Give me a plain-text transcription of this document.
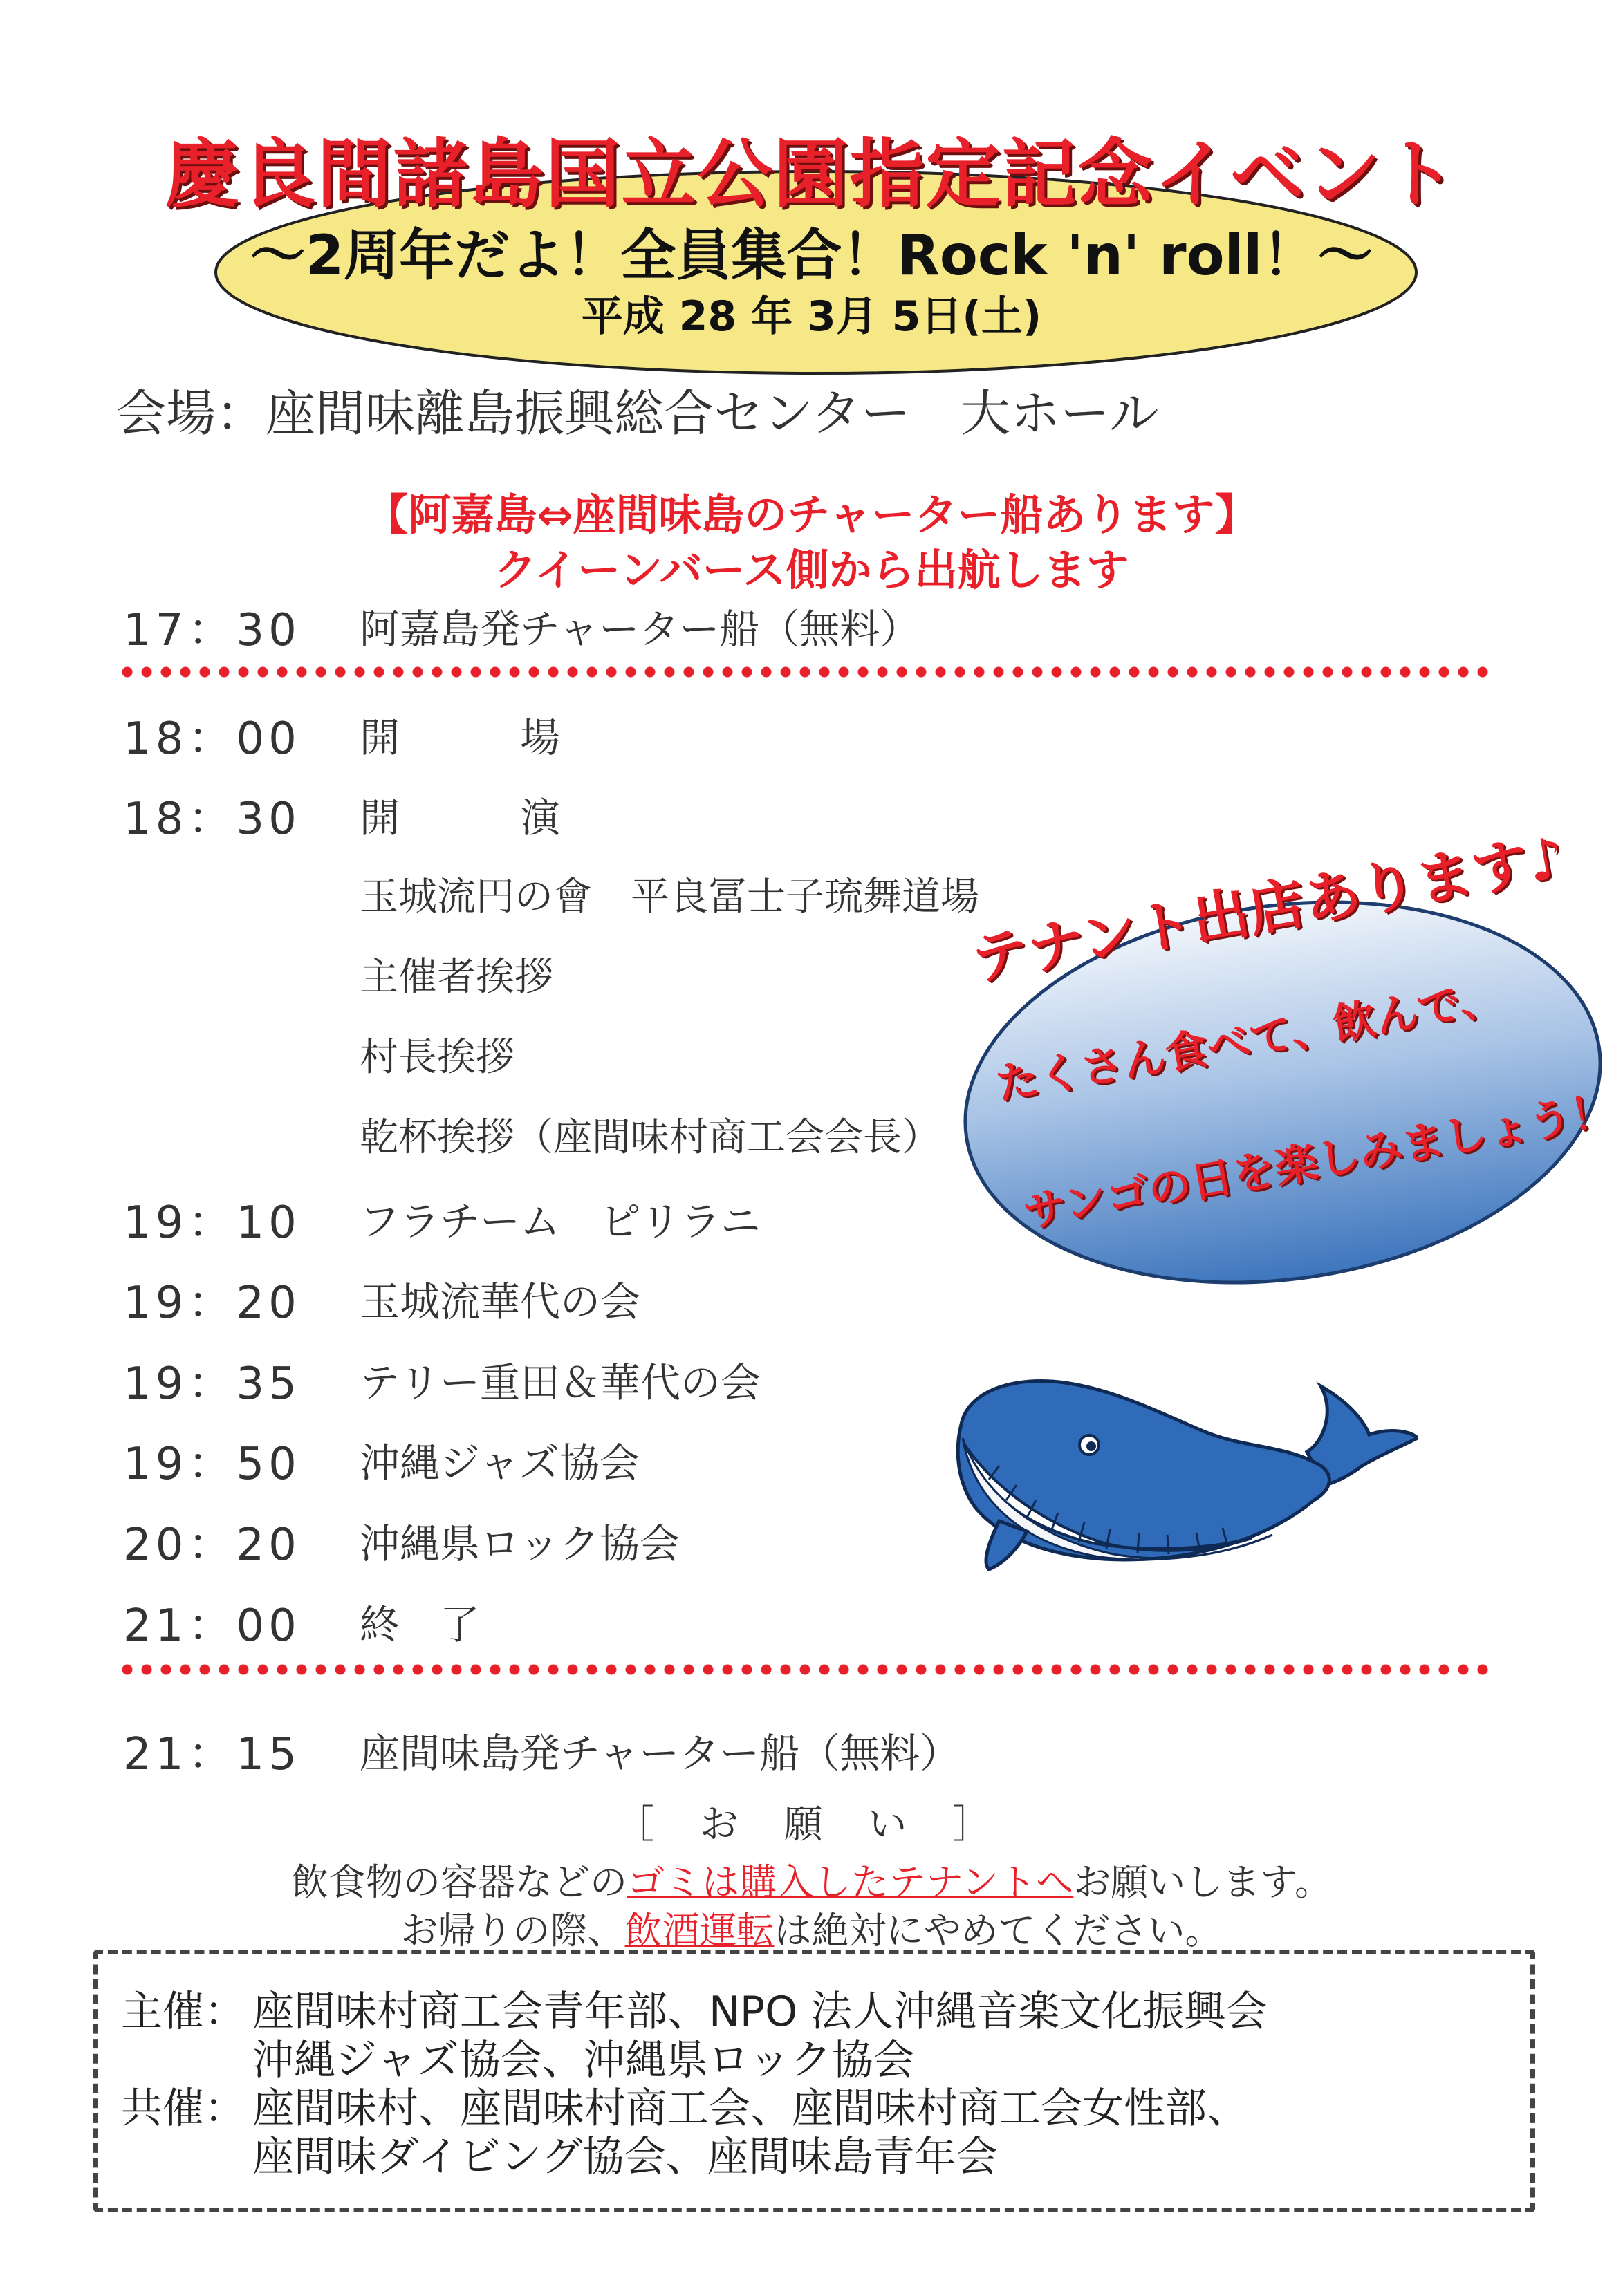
慶良間諸島国立公園指定記念イベント
～2周年だよ！全員集合！Rock 'n' roll！～
平成 28 年 3月 5日(土)
会場：座間味離島振興総合センター　大ホール
【阿嘉島⇔座間味島のチャーター船あります】
クイーンバース側から出航します
17：30 阿嘉島発チャーター船（無料）
18：00 開　　　場
18：30 開　　　演
玉城流円の會　平良冨士子琉舞道場
主催者挨拶
村長挨拶
乾杯挨拶（座間味村商工会会長）
19：10 フラチーム　ピリラニ
19：20 玉城流華代の会
19：35 テリー重田＆華代の会
19：50 沖縄ジャズ協会
20：20 沖縄県ロック協会
21：00 終　了
テナント出店あります♪
たくさん食べて、飲んで、
サンゴの日を楽しみましょう！
21：15 座間味島発チャーター船（無料）
［ お 願 い ］
飲食物の容器などのゴミは購入したテナントへお願いします。
お帰りの際、飲酒運転は絶対にやめてください。
主催： 座間味村商工会青年部、NPO 法人沖縄音楽文化振興会
沖縄ジャズ協会、沖縄県ロック協会
共催： 座間味村、座間味村商工会、座間味村商工会女性部、
座間味ダイビング協会、座間味島青年会
